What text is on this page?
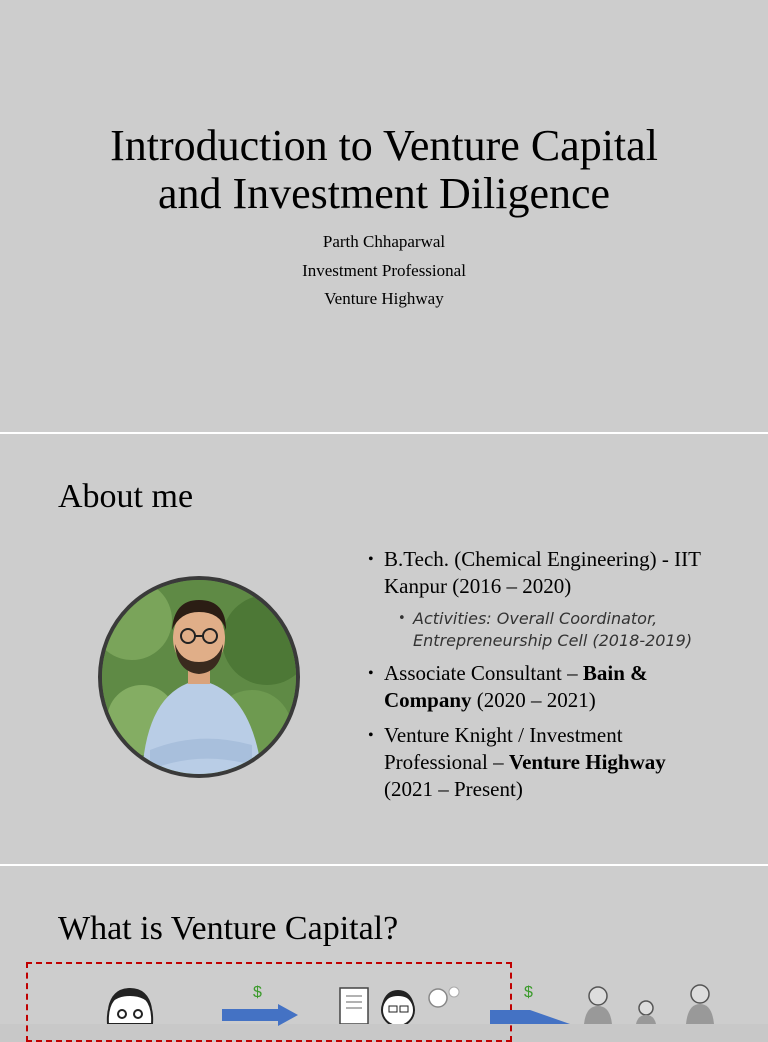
Introduction to Venture Capital
and Investment Diligence
Parth Chhaparwal
Investment Professional
Venture Highway
About me
• B.Tech. (Chemical Engineering) - IIT Kanpur (2016 – 2020)
• Activities: Overall Coordinator, Entrepreneurship Cell (2018-2019)
• Associate Consultant – Bain & Company (2020 – 2021)
• Venture Knight / Investment Professional – Venture Highway (2021 – Present)
What is Venture Capital?
$	$
